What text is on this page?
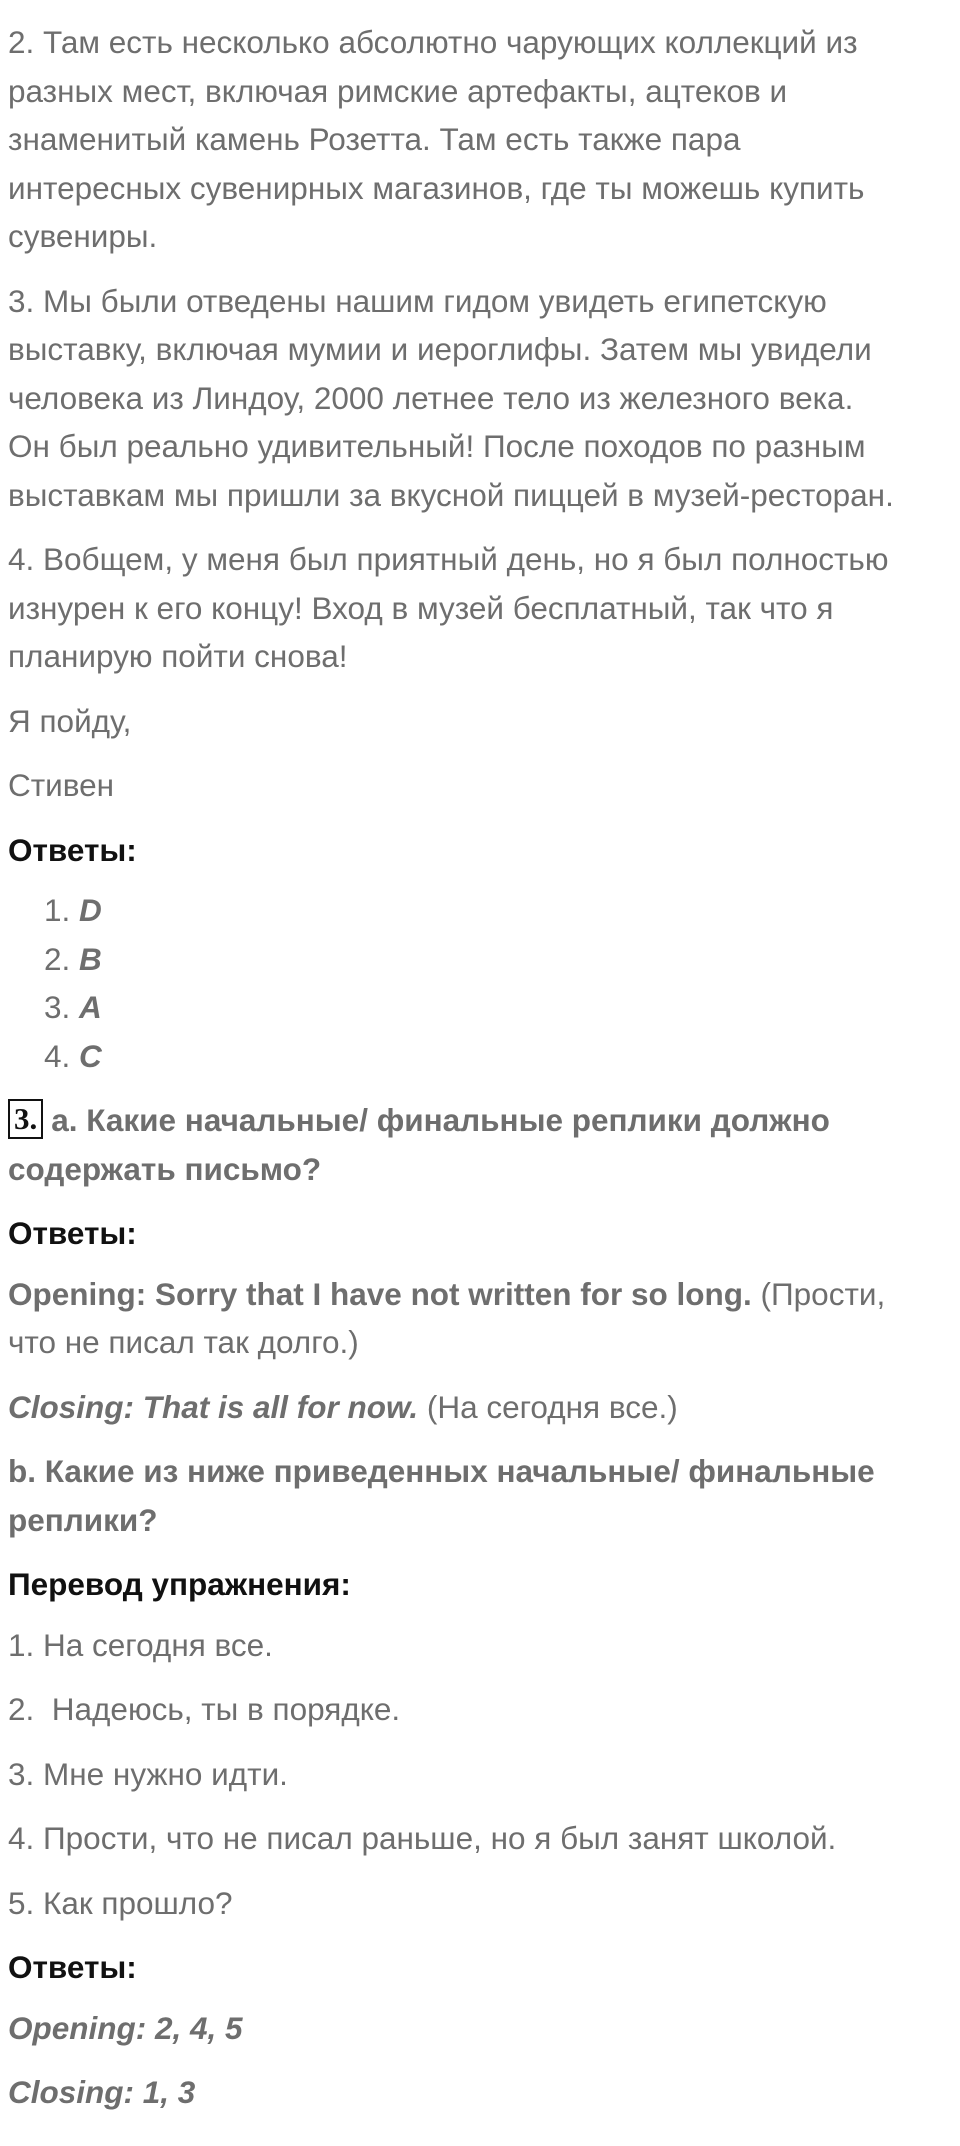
2. Там есть несколько абсолютно чарующих коллекций из
разных мест, включая римские артефакты, ацтеков и
знаменитый камень Розетта. Там есть также пара
интересных сувенирных магазинов, где ты можешь купить
сувениры.

3. Мы были отведены нашим гидом увидеть египетскую
выставку, включая мумии и иероглифы. Затем мы увидели
человека из Линдоу, 2000 летнее тело из железного века.
Он был реально удивительный! После походов по разным
выставкам мы пришли за вкусной пиццей в музей-ресторан.

4. Вобщем, у меня был приятный день, но я был полностью
изнурен к его концу! Вход в музей бесплатный, так что я
планирую пойти снова!

Я пойду,

Стивен

Ответы:

1. D
2. B
3. A
4. C

3. а. Какие начальные/ финальные реплики должно
содержать письмо?

Ответы:

Opening: Sorry that I have not written for so long. (Прости,
что не писал так долго.)

Closing: That is all for now. (На сегодня все.)

b. Какие из ниже приведенных начальные/ финальные
реплики?

Перевод упражнения:

1. На сегодня все.

2.  Надеюсь, ты в порядке.

3. Мне нужно идти.

4. Прости, что не писал раньше, но я был занят школой.

5. Как прошло?

Ответы:

Opening: 2, 4, 5

Closing: 1, 3
